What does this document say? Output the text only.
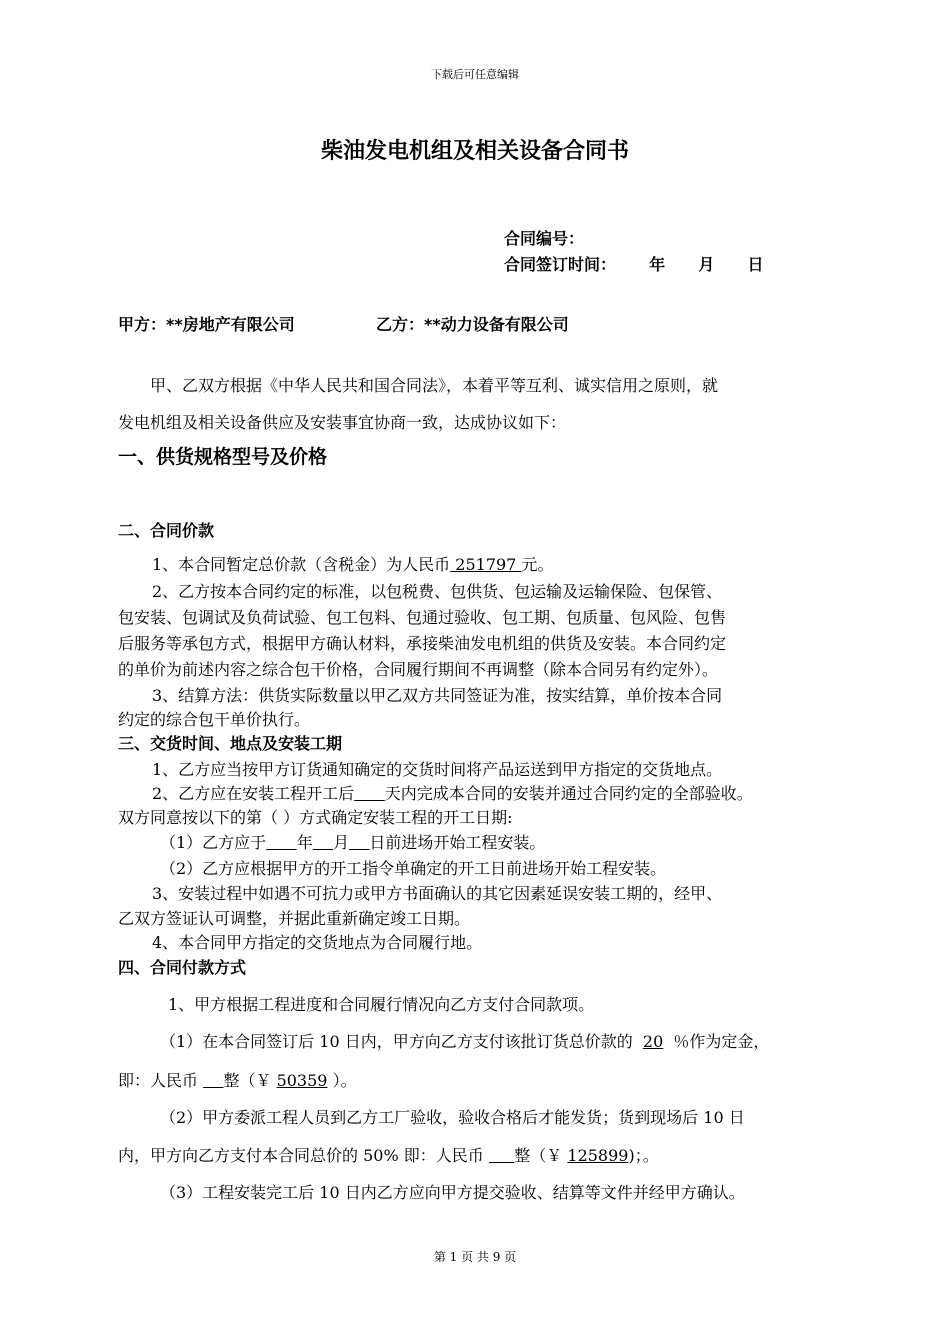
下载后可任意编辑
柴油发电机组及相关设备合同书
合同编号：
合同签订时间： 年 月 日
甲方：**房地产有限公司	乙方：**动力设备有限公司
甲、乙双方根据《中华人民共和国合同法》，本着平等互利、诚实信用之原则，就
发电机组及相关设备供应及安装事宜协商一致，达成协议如下：
一、供货规格型号及价格
二、合同价款
1、本合同暂定总价款（含税金）为人民币 251797 元。
2、乙方按本合同约定的标准，以包税费、包供货、包运输及运输保险、包保管、
包安装、包调试及负荷试验、包工包料、包通过验收、包工期、包质量、包风险、包售
后服务等承包方式，根据甲方确认材料，承接柴油发电机组的供货及安装。本合同约定
的单价为前述内容之综合包干价格，合同履行期间不再调整（除本合同另有约定外）。
3、结算方法：供货实际数量以甲乙双方共同签证为准，按实结算，单价按本合同
约定的综合包干单价执行。
三、交货时间、地点及安装工期
1、乙方应当按甲方订货通知确定的交货时间将产品运送到甲方指定的交货地点。
2、乙方应在安装工程开工后 天内完成本合同的安装并通过合同约定的全部验收。
双方同意按以下的第（ ）方式确定安装工程的开工日期:
（1）乙方应于 年 月 日前进场开始工程安装。
（2）乙方应根据甲方的开工指令单确定的开工日前进场开始工程安装。
3、安装过程中如遇不可抗力或甲方书面确认的其它因素延误安装工期的，经甲、
乙双方签证认可调整，并据此重新确定竣工日期。
4、本合同甲方指定的交货地点为合同履行地。
四、合同付款方式
1、甲方根据工程进度和合同履行情况向乙方支付合同款项。
（1）在本合同签订后 10 日内，甲方向乙方支付该批订货总价款的 20 ％作为定金，
即：人民币 整（￥ 50359 ）。
（2）甲方委派工程人员到乙方工厂验收，验收合格后才能发货；货到现场后 10 日
内，甲方向乙方支付本合同总价的 50% 即：人民币 整（￥ 125899)；。
（3）工程安装完工后 10 日内乙方应向甲方提交验收、结算等文件并经甲方确认。
第 1 页 共 9 页
